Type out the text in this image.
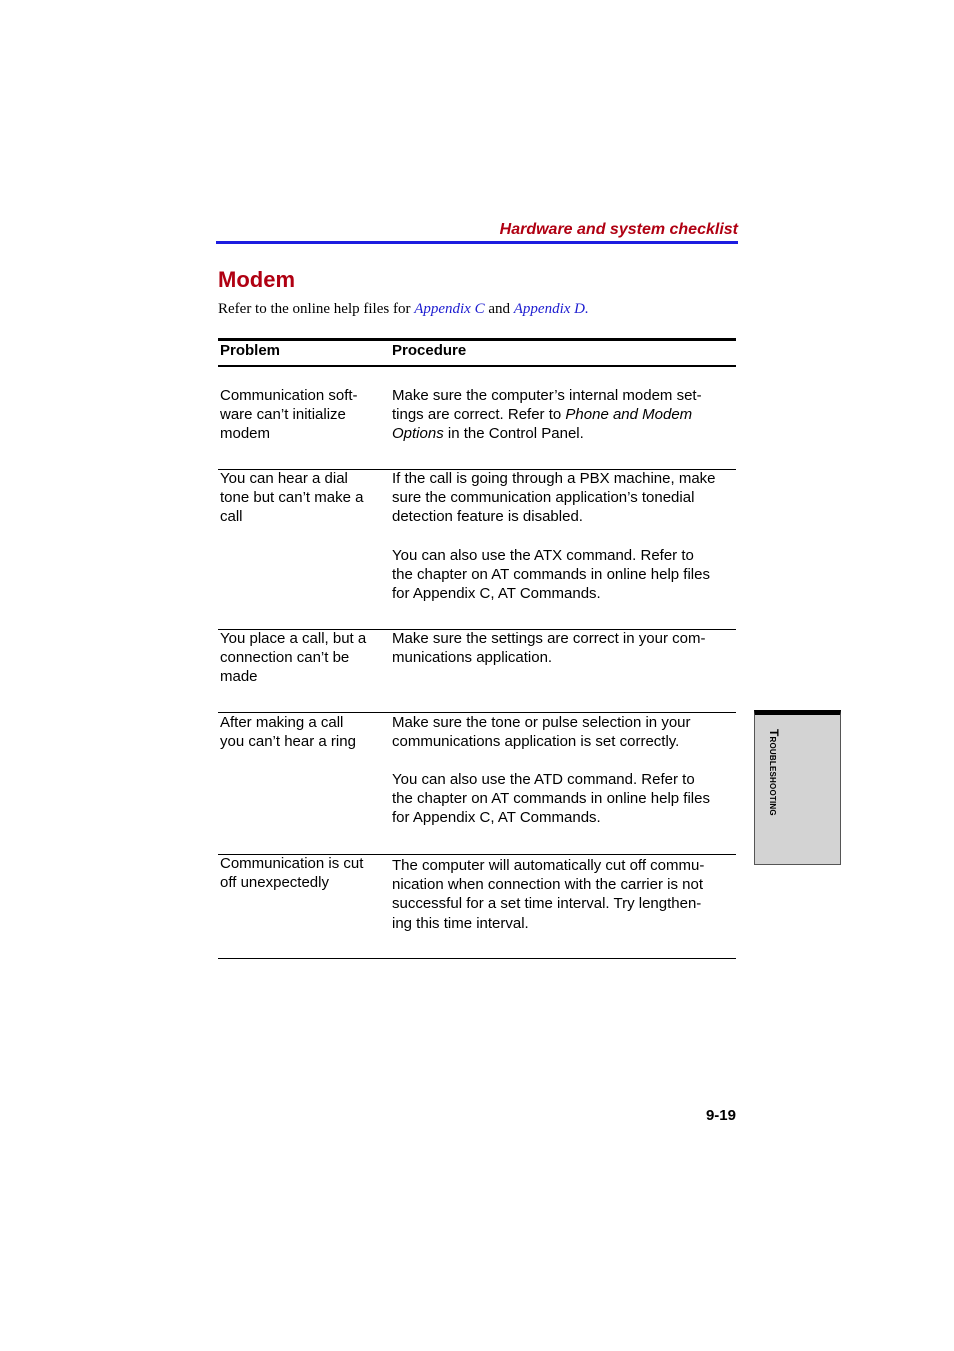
Hardware and system checklist
Modem
Refer to the online help files for Appendix C and Appendix D.
Problem	Procedure
Communication soft-
ware can’t initialize
modem
Make sure the computer’s internal modem set-
tings are correct. Refer to Phone and Modem
Options in the Control Panel.
You can hear a dial
tone but can’t make a
call
If the call is going through a PBX machine, make
sure the communication application’s tonedial
detection feature is disabled.
You can also use the ATX command. Refer to
the chapter on AT commands in online help files
for Appendix C, AT Commands.
You place a call, but a
connection can’t be
made
Make sure the settings are correct in your com-
munications application.
After making a call
you can’t hear a ring
Make sure the tone or pulse selection in your
communications application is set correctly.
You can also use the ATD command. Refer to
the chapter on AT commands in online help files
for Appendix C, AT Commands.
Communication is cut
off unexpectedly
The computer will automatically cut off commu-
nication when connection with the carrier is not
successful for a set time interval. Try lengthen-
ing this time interval.
Troubleshooting
9-19
